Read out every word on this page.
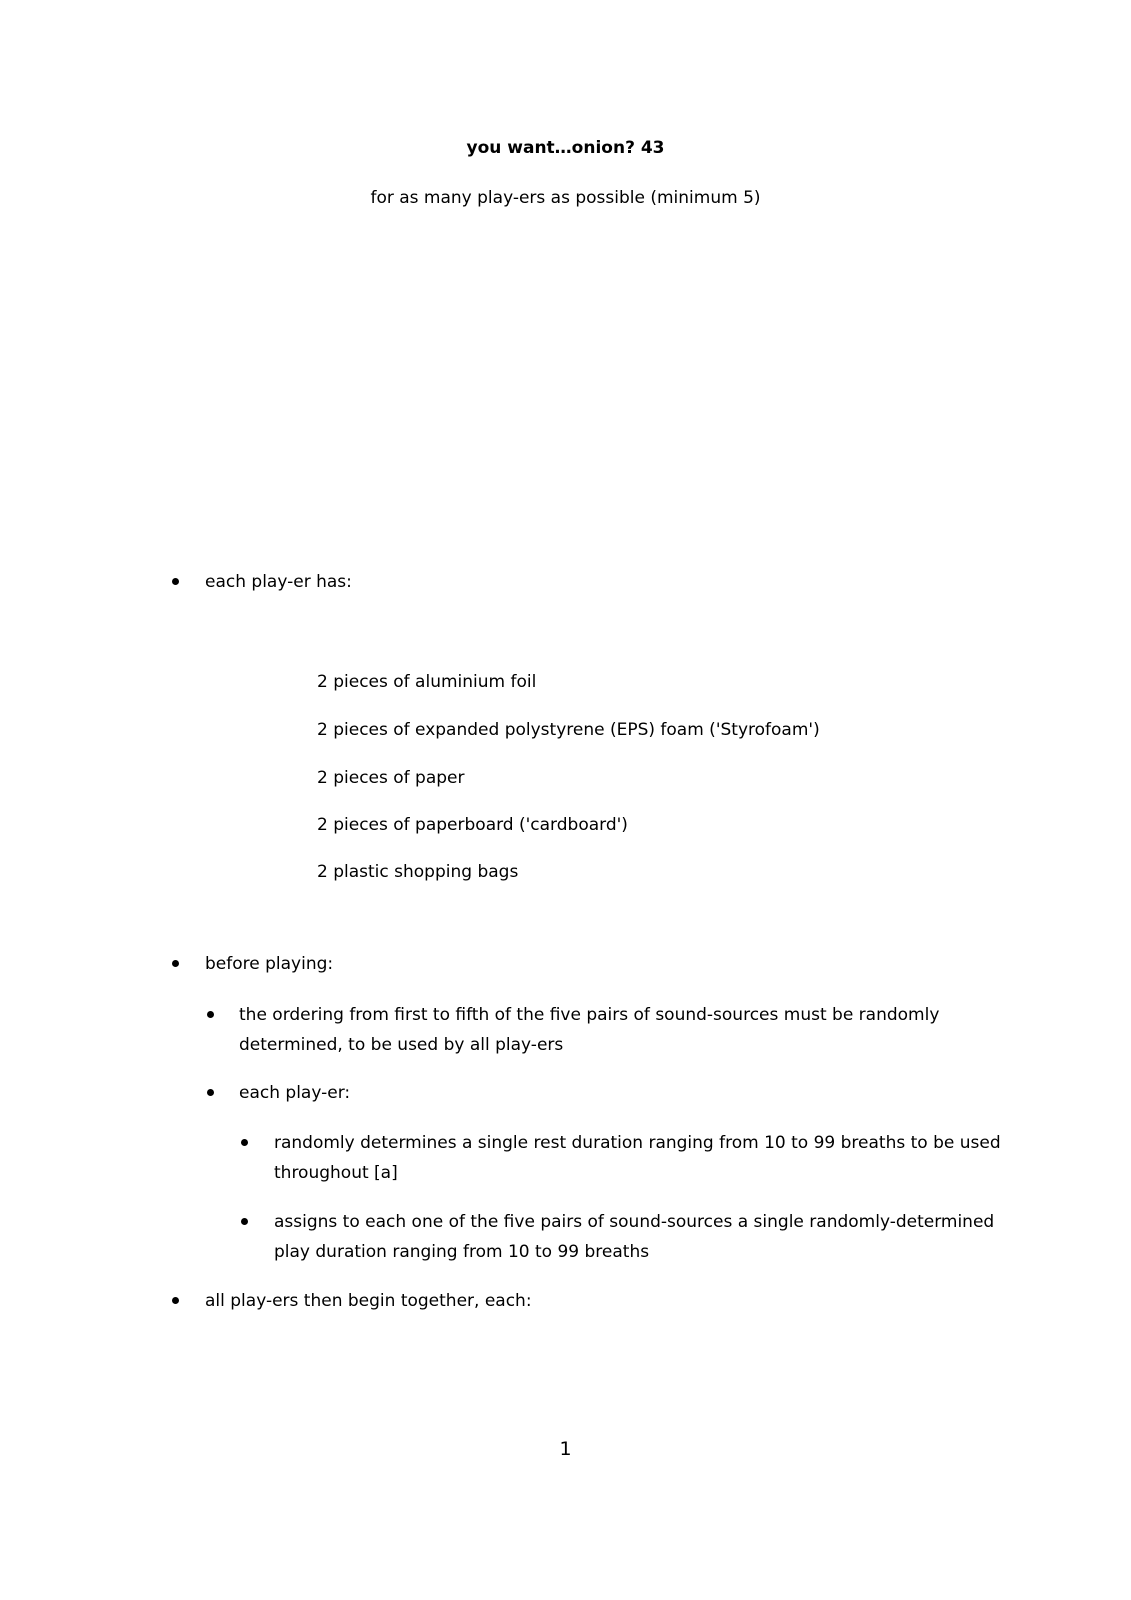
you want…onion? 43
for as many play-ers as possible (minimum 5)
each play-er has:
2 pieces of aluminium foil
2 pieces of expanded polystyrene (EPS) foam ('Styrofoam')
2 pieces of paper
2 pieces of paperboard ('cardboard')
2 plastic shopping bags
before playing:
the ordering from first to fifth of the five pairs of sound-sources must be randomly
determined, to be used by all play-ers
each play-er:
randomly determines a single rest duration ranging from 10 to 99 breaths to be used
throughout [a]
assigns to each one of the five pairs of sound-sources a single randomly-determined
play duration ranging from 10 to 99 breaths
all play-ers then begin together, each:
1
